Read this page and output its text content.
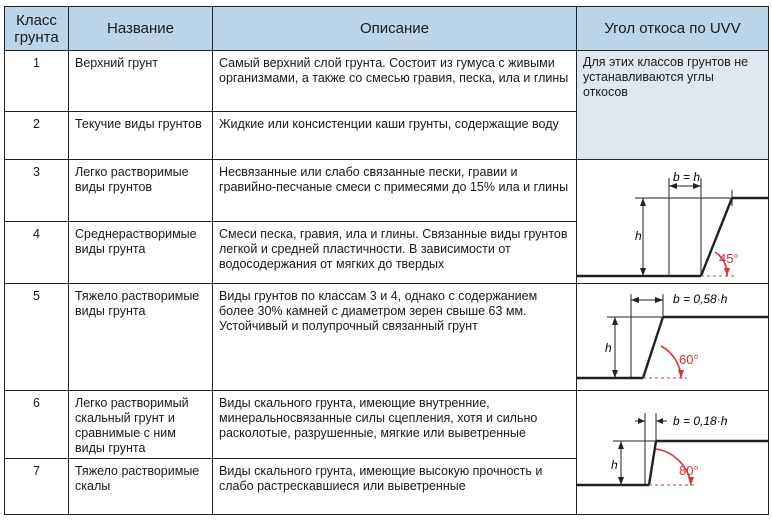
Класс грунта	Название	Описание	Угол откоса по UVV
1	Верхний грунт	Самый верхний слой грунта. Состоит из гумуса с живыми организмами, а также со смесью гравия, песка, ила и глины	Для этих классов грунтов не устанавливаются углы откосов

2	Текучие виды грунтов	Жидкие или консистенции каши грунты, содержащие воду	
3	Легко растворимые виды грунтов	Несвязанные или слабо связанные пески, гравии и гравийно-песчаные смеси с примесями до 15% ила и глины	h
b = h
45°

4	Среднерастворимые виды грунта	Смеси песка, гравия, ила и глины. Связанные виды грунтов легкой и средней пластичности. В зависимости от водосодержания от мягких до твердых	
5	Тяжело растворимые виды грунта	Виды грунтов по классам 3 и 4, однако с содержанием более 30% камней с диаметром зерен свыше 63 мм. Устойчивый и полупрочный связанный грунт	h
b = 0,58·h
60°

6	Легко растворимый скальный грунт и сравнимые с ним виды грунта	Виды скального грунта, имеющие внутренние, минеральносвязанные силы сцепления, хотя и сильно расколотые, разрушенные, мягкие или выветренные	h
b = 0,18·h
80°

7	Тяжело растворимые скалы	Виды скального грунта, имеющие высокую прочность и слабо растрескавшиеся или выветренные	
